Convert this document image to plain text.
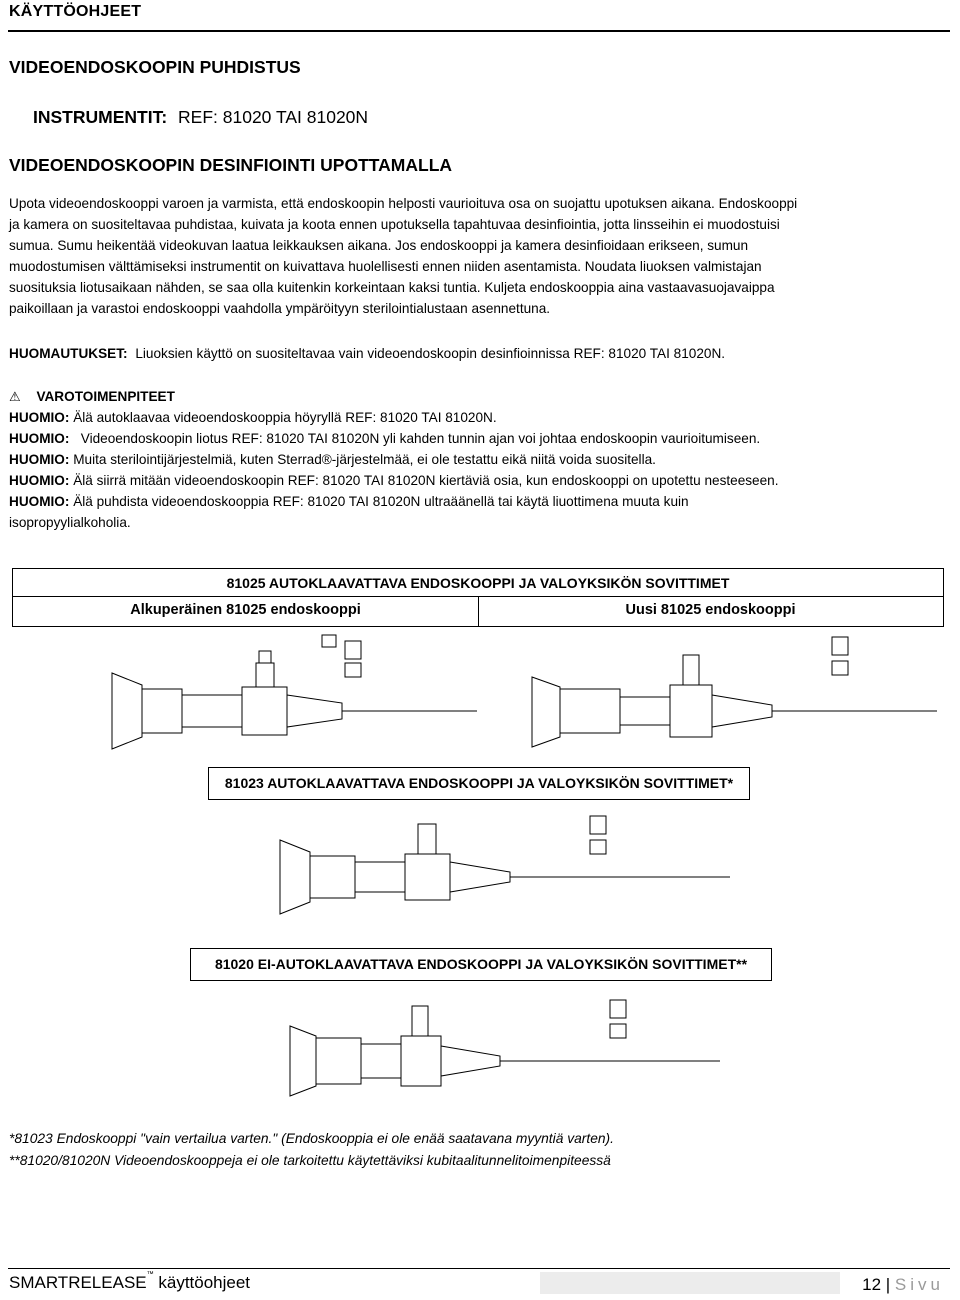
KÄYTTÖOHJEET
VIDEOENDOSKOOPIN PUHDISTUS
INSTRUMENTIT: REF: 81020 TAI 81020N
VIDEOENDOSKOOPIN DESINFIOINTI UPOTTAMALLA
Upota videoendoskooppi varoen ja varmista, että endoskoopin helposti vaurioituva osa on suojattu upotuksen aikana. Endoskooppi
ja kamera on suositeltavaa puhdistaa, kuivata ja koota ennen upotuksella tapahtuvaa desinfiointia, jotta linsseihin ei muodostuisi
sumua. Sumu heikentää videokuvan laatua leikkauksen aikana. Jos endoskooppi ja kamera desinfioidaan erikseen, sumun
muodostumisen välttämiseksi instrumentit on kuivattava huolellisesti ennen niiden asentamista. Noudata liuoksen valmistajan
suosituksia liotusaikaan nähden, se saa olla kuitenkin korkeintaan kaksi tuntia. Kuljeta endoskooppia aina vastaavasuojavaippa
paikoillaan ja varastoi endoskooppi vaahdolla ympäröityyn sterilointialustaan asennettuna.
HUOMAUTUKSET: Liuoksien käyttö on suositeltavaa vain videoendoskoopin desinfioinnissa REF: 81020 TAI 81020N.
⚠ VAROTOIMENPITEET
HUOMIO: Älä autoklaavaa videoendoskooppia höyryllä REF: 81020 TAI 81020N.
HUOMIO: Videoendoskoopin liotus REF: 81020 TAI 81020N yli kahden tunnin ajan voi johtaa endoskoopin vaurioitumiseen.
HUOMIO: Muita sterilointijärjestelmiä, kuten Sterrad®-järjestelmää, ei ole testattu eikä niitä voida suositella.
HUOMIO: Älä siirrä mitään videoendoskoopin REF: 81020 TAI 81020N kiertäviä osia, kun endoskooppi on upotettu nesteeseen.
HUOMIO: Älä puhdista videoendoskooppia REF: 81020 TAI 81020N ultraäänellä tai käytä liuottimena muuta kuin
isopropyylialkoholia.
81025 AUTOKLAAVATTAVA ENDOSKOOPPI JA VALOYKSIKÖN SOVITTIMET
Alkuperäinen 81025 endoskooppi	Uusi 81025 endoskooppi
81023 AUTOKLAAVATTAVA ENDOSKOOPPI JA VALOYKSIKÖN SOVITTIMET*
81020 EI-AUTOKLAAVATTAVA ENDOSKOOPPI JA VALOYKSIKÖN SOVITTIMET**
*81023 Endoskooppi "vain vertailua varten." (Endoskooppia ei ole enää saatavana myyntiä varten).
**81020/81020N Videoendoskooppeja ei ole tarkoitettu käytettäviksi kubitaalitunnelitoimenpiteessä
SMARTRELEASE™ käyttöohjeet	12 | Sivu
